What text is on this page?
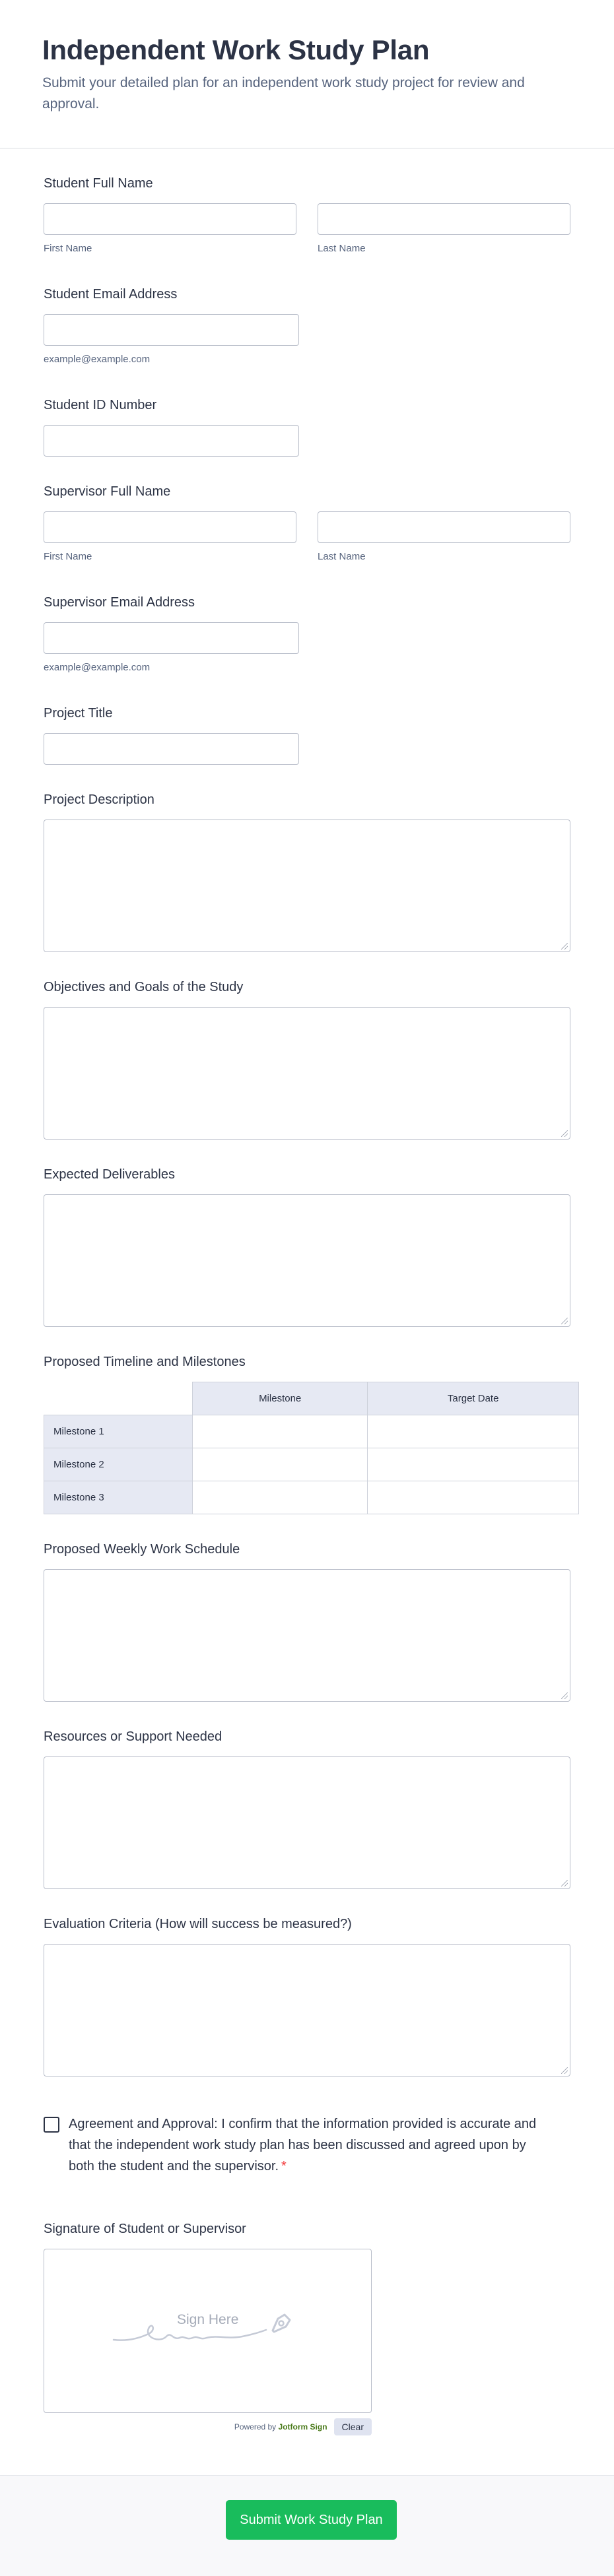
Independent Work Study Plan

Submit your detailed plan for an independent work study project for review and approval.

Student Full Name
First Name	Last Name
Student Email Address
example@example.com
Student ID Number
Supervisor Full Name
First Name	Last Name
Supervisor Email Address
example@example.com
Project Title
Project Description
Objectives and Goals of the Study
Expected Deliverables
Proposed Timeline and Milestones
	Milestone	Target Date
Milestone 1		
Milestone 2		
Milestone 3		
Proposed Weekly Work Schedule
Resources or Support Needed
Evaluation Criteria (How will success be measured?)
Agreement and Approval: I confirm that the information provided is accurate and that the independent work study plan has been discussed and agreed upon by both the student and the supervisor. *
Signature of Student or Supervisor
Sign Here
Powered by Jotform Sign	Clear
Submit Work Study Plan
